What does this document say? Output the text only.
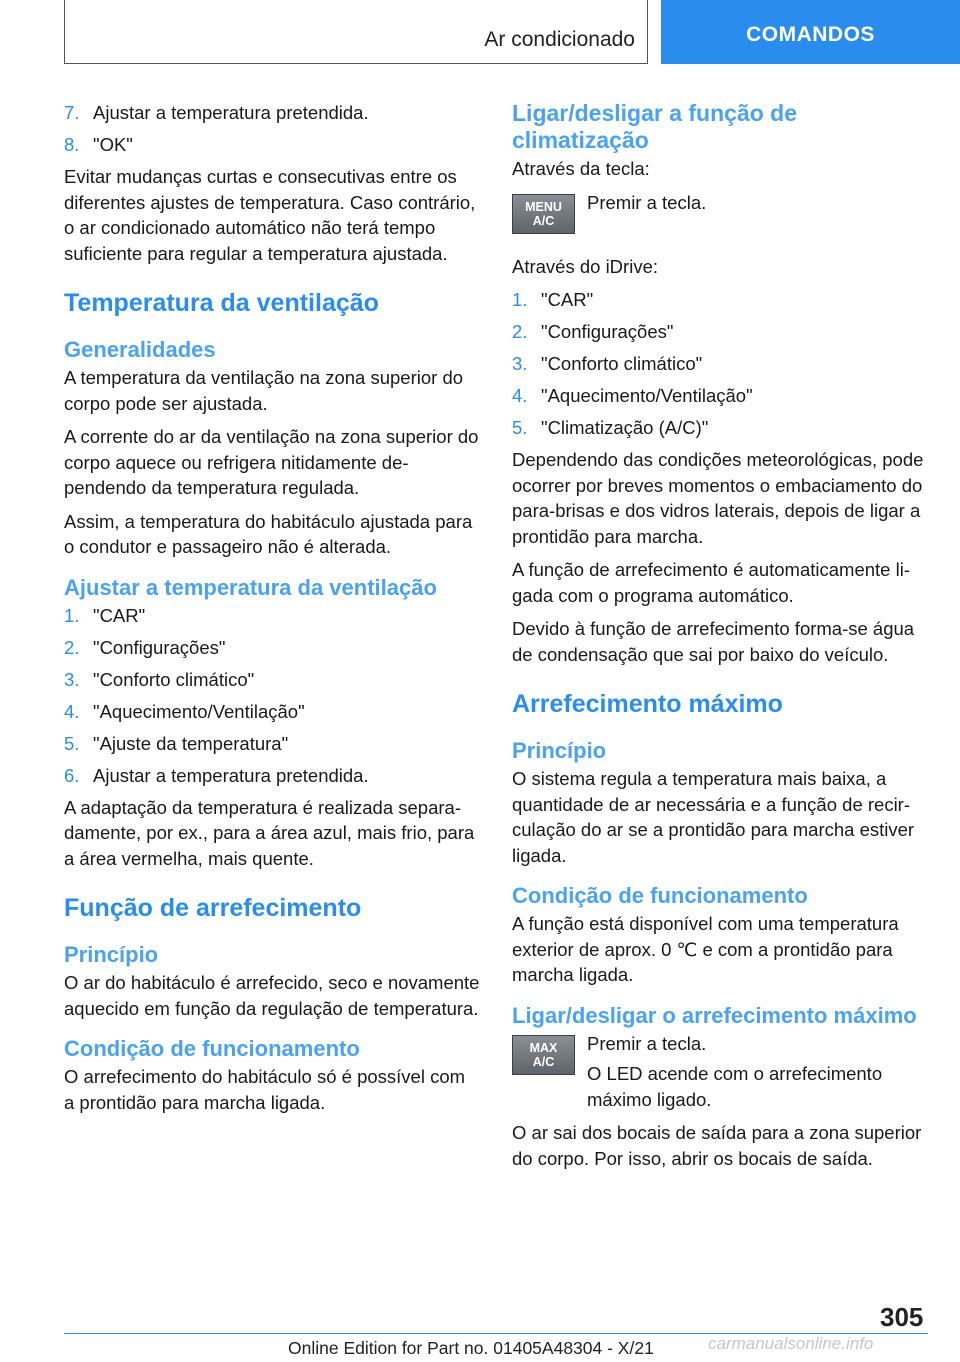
Ar condicionado	COMANDOS
7. Ajustar a temperatura pretendida.
8. "OK"

Evitar mudanças curtas e consecutivas entre os diferentes ajustes de temperatura. Caso contrário, o ar condicionado automático não terá tempo suficiente para regular a temperatura ajustada.

Temperatura da ventilação
Generalidades

A temperatura da ventilação na zona superior do corpo pode ser ajustada.

A corrente do ar da ventilação na zona superior do corpo aquece ou refrigera nitidamente dependendo da temperatura regulada.

Assim, a temperatura do habitáculo ajustada para o condutor e passageiro não é alterada.

Ajustar a temperatura da ventilação
1. "CAR"
2. "Configurações"
3. "Conforto climático"
4. "Aquecimento/Ventilação"
5. "Ajuste da temperatura"
6. Ajustar a temperatura pretendida.

A adaptação da temperatura é realizada separadamente, por ex., para a área azul, mais frio, para a área vermelha, mais quente.

Função de arrefecimento
Princípio

O ar do habitáculo é arrefecido, seco e novamente aquecido em função da regulação de temperatura.

Condição de funcionamento

O arrefecimento do habitáculo só é possível com a prontidão para marcha ligada.

Ligar/desligar a função de climatização

Através da tecla:

MENU
A/C

Premir a tecla.

Através do iDrive:

1. "CAR"
2. "Configurações"
3. "Conforto climático"
4. "Aquecimento/Ventilação"
5. "Climatização (A/C)"

Dependendo das condições meteorológicas, pode ocorrer por breves momentos o embaciamento do para-brisas e dos vidros laterais, depois de ligar a prontidão para marcha.

A função de arrefecimento é automaticamente ligada com o programa automático.

Devido à função de arrefecimento forma-se água de condensação que sai por baixo do veículo.

Arrefecimento máximo
Princípio

O sistema regula a temperatura mais baixa, a quantidade de ar necessária e a função de recirculação do ar se a prontidão para marcha estiver ligada.

Condição de funcionamento

A função está disponível com uma temperatura exterior de aprox. 0 ℃ e com a prontidão para marcha ligada.

Ligar/desligar o arrefecimento máximo
MAX
A/C

Premir a tecla.

O LED acende com o arrefecimento máximo ligado.

O ar sai dos bocais de saída para a zona superior do corpo. Por isso, abrir os bocais de saída.

305
Online Edition for Part no. 01405A48304 - X/21	carmanualsonline.info
